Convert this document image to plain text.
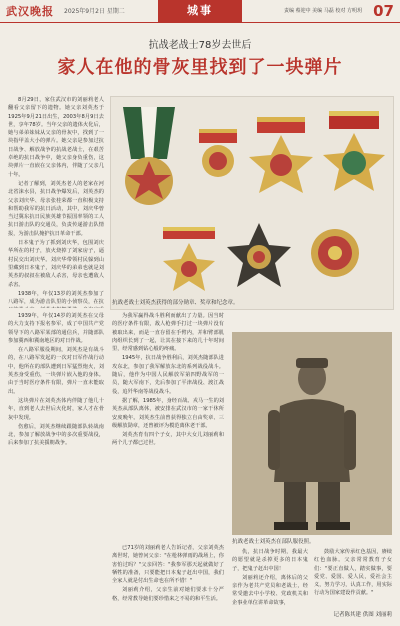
武汉晚报 2025年9月2日 星期二	城事	责编 蔡迎中 美编 马磊 校对 方明玥 07
抗战老战士78岁去世后
家人在他的骨灰里找到了一块弹片

8月29日，家住武汉市的刘丽莉老人翻看父亲留下的遗物。她父亲刘英杰于1925年9月21日出生，2003年8月9日去世，享年78岁。当年父亲的遗体火化后，她与弟弟妹妹从父亲的骨灰中，找到了一块指甲盖大小的弹片。她父亲是参加过抗日战争、解放战争的抗战老战士，在艰苦卓绝的抗日战争中，她父亲身负重伤，这块弹片一直嵌在父亲体内，伴随了父亲几十年。

记者了解到，刘英杰老人的老家在河北省涞水县，抗日战争爆发后，刘英杰的父亲刘庆华、母亲张桂荣都一直积极支持和帮助我军的抗日活动，其中，刘庆华曾当过冀东抗日民族英雄节振国率领的工人抗日游击队的交通员，负责传递游击队情报，为游击队掩护抗日革命干部。

日本鬼子为了抓到刘庆华，包围刘庆华所在的村子，放火烧掉了刘家房子，逼村民交出刘庆华。刘庆华带领村民躲到山里藏到日本鬼子，刘庆华的弟弟也就是刘英杰的叔叔在被敌人杀害，母亲也遭敌人杀害。

1938年，年仅13岁的刘英杰参加了八路军，成为游击队里的小侦察员，在抗

1939年，年仅14岁的刘英杰在父母的大力支持下报名参军，成了中国共产党领导下的八路军某部的通信兵，并随部队参加冀西和冀南地区的对日作战。

在八路军服役期间，刘英杰是有战斗的，在八路军发起的一次对日军作战行动中，他所在的部队遭到日军猛烈炮火，刘英杰身受重伤，一块弹片嵌入他的身体。由于当时医疗条件有限，弹片一直未能取出。

这块弹片在刘英杰体内伴随了他几十年，直到老人去世后火化时，家人才在骨灰中发现。

伤愈后，刘英杰继续跟随部队转战南北，参加了解放战争中的多次重要战役，后来参加了抗美援朝战争。

为我军赢得战斗胜利而献出了力量。因当时的医疗条件有限，敌人枪弹手打过一块弹片没有被取出来，而是一直存留在手臂内，并和臂部肌肉组织长到了一起，让其在接下来的几十年时间里，经常感到钻心般的疼痛。

1945年，抗日战争胜利后，刘英杰随部队进攻东北，参加了我军解放东北的系列战役战斗。随后，他作为中国人民解放军第四野战军的一员，随大军南下，先后参加了平津战役、渡江战役，追歼华南等战役战斗。

据了解，1985年，身经百战、戎马一生的刘英杰从部队离休，被安排在武汉市的一家干休所安度晚年。刘英杰生前曾获得独立自由奖章、三级解放勋章，还曾被评为模范离休老干部。

刘英杰育有四个子女，其中大女儿刘丽莉和两个儿子都已过世。

已71岁的刘丽莉老人告诉记者，父亲刘英杰离世时，她曾问父亲："在枪林弹雨的战场上，你害怕过吗？"父亲回答："我参军那天起就做好了牺牲的准备，只要能把日本鬼子赶出中国，我们全家人就是付出生命也在所不惜！"

刘丽莉介绍，父亲生前对她们要求十分严格，经常教导她们要珍惜来之不易的和平生活。

仇，抗日战争时期，我最大的愿望就是杀掉更多的日本鬼子，把鬼子赶出中国！

刘丽莉还介绍，离休后的父亲作为老共产党员和老战士，经常受邀去中小学校、党政机关和企事业单位讲革命故事，

鼓励大家传承红色基因，赓续红色血脉。父亲常常教育子女们："要正直做人，踏实做事，要爱党、爱国、爱人民，爱社会主义，努力学习，认真工作，用实际行动为国家建设作贡献。"

抗战老战士刘英杰获得的部分勋章、奖章和纪念章。
抗战老战士刘英杰在部队服役照。
记者陈其建 供图 刘丽莉
